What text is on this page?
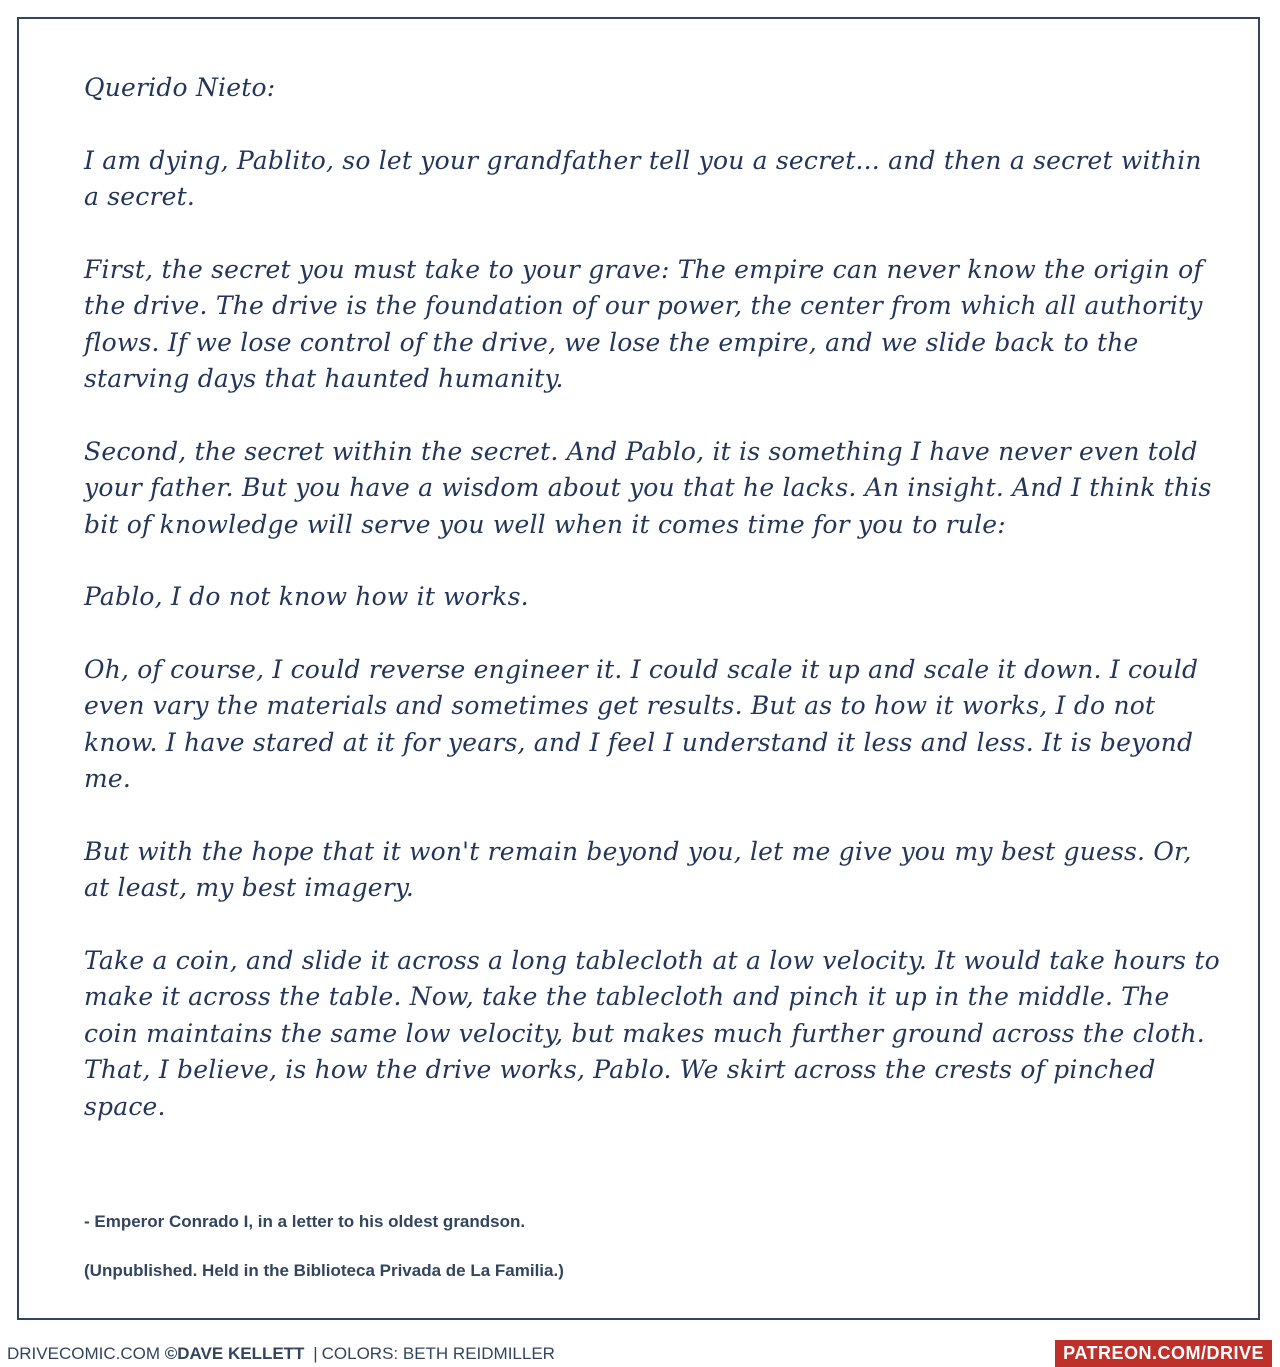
Querido Nieto:

I am dying, Pablito, so let your grandfather tell you a secret... and then a secret within a secret.

First, the secret you must take to your grave: The empire can never know the origin of the drive. The drive is the foundation of our power, the center from which all authority flows. If we lose control of the drive, we lose the empire, and we slide back to the starving days that haunted humanity.

Second, the secret within the secret. And Pablo, it is something I have never even told your father. But you have a wisdom about you that he lacks. An insight. And I think this bit of knowledge will serve you well when it comes time for you to rule:

Pablo, I do not know how it works.

Oh, of course, I could reverse engineer it. I could scale it up and scale it down. I could even vary the materials and sometimes get results. But as to how it works, I do not know. I have stared at it for years, and I feel I understand it less and less. It is beyond me.

But with the hope that it won't remain beyond you, let me give you my best guess. Or, at least, my best imagery.

Take a coin, and slide it across a long tablecloth at a low velocity. It would take hours to make it across the table. Now, take the tablecloth and pinch it up in the middle. The coin maintains the same low velocity, but makes much further ground across the cloth. That, I believe, is how the drive works, Pablo. We skirt across the crests of pinched space.

- Emperor Conrado I, in a letter to his oldest grandson.

(Unpublished. Held in the Biblioteca Privada de La Familia.)

DRIVECOMIC.COM ©DAVE KELLETT | COLORS: BETH REIDMILLER	PATREON.COM/DRIVE
